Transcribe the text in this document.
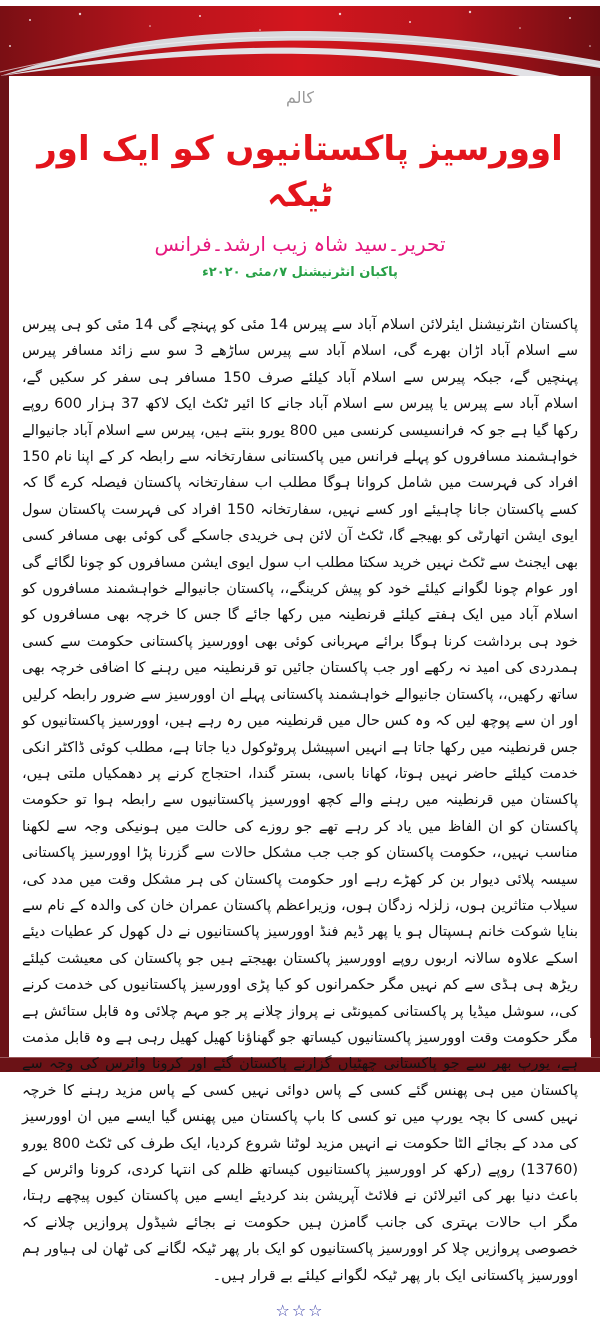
کالم
اوورسیز پاکستانیوں کو ایک اور ٹیکہ
تحریر۔سید شاہ زیب ارشد۔فرانس
پاکبان انٹرنیشنل ۷؍مئی ۲۰۲۰ء
پاکستان انٹرنیشنل ایئرلائن اسلام آباد سے پیرس 14 مئی کو پہنچے گی 14 مئی کو ہی پیرس سے اسلام آباد اڑان بھرے گی، اسلام آباد سے پیرس ساڑھے 3 سو سے زائد مسافر پیرس پہنچیں گے، جبکہ پیرس سے اسلام آباد کیلئے صرف 150 مسافر ہی سفر کر سکیں گے، اسلام آباد سے پیرس یا پیرس سے اسلام آباد جانے کا ائیر ٹکٹ ایک لاکھ 37 ہزار 600 روپے رکھا گیا ہے جو کہ فرانسیسی کرنسی میں 800 یورو بنتے ہیں، پیرس سے اسلام آباد جانیوالے خواہشمند مسافروں کو پہلے فرانس میں پاکستانی سفارتخانہ سے رابطہ کر کے اپنا نام 150 افراد کی فہرست میں شامل کروانا ہوگا مطلب اب سفارتخانہ پاکستان فیصلہ کرے گا کہ کسے پاکستان جانا چاہیئے اور کسے نہیں، سفارتخانہ 150 افراد کی فہرست پاکستان سول ایوی ایشن اتھارٹی کو بھیجے گا، ٹکٹ آن لائن ہی خریدی جاسکے گی کوئی بھی مسافر کسی بھی ایجنٹ سے ٹکٹ نہیں خرید سکتا مطلب اب سول ایوی ایشن مسافروں کو چونا لگائے گی اور عوام چونا لگوانے کیلئے خود کو پیش کرینگے،، پاکستان جانیوالے خواہشمند مسافروں کو اسلام آباد میں ایک ہفتے کیلئے قرنطینہ میں رکھا جائے گا جس کا خرچہ بھی مسافروں کو خود ہی برداشت کرنا ہوگا برائے مہربانی کوئی بھی اوورسیز پاکستانی حکومت سے کسی ہمدردی کی امید نہ رکھے اور جب پاکستان جائیں تو قرنطینہ میں رہنے کا اضافی خرچہ بھی ساتھ رکھیں،، پاکستان جانیوالے خواہشمند پاکستانی پہلے ان اوورسیز سے ضرور رابطہ کرلیں اور ان سے پوچھ لیں کہ وہ کس حال میں قرنطینہ میں رہ رہے ہیں، اوورسیز پاکستانیوں کو جس قرنطینہ میں رکھا جاتا ہے انہیں اسپیشل پروٹوکول دیا جاتا ہے، مطلب کوئی ڈاکٹر انکی خدمت کیلئے حاضر نہیں ہوتا، کھانا باسی، بستر گندا، احتجاج کرنے پر دھمکیاں ملتی ہیں، پاکستان میں قرنطینہ میں رہنے والے کچھ اوورسیز پاکستانیوں سے رابطہ ہوا تو حکومت پاکستان کو ان الفاظ میں یاد کر رہے تھے جو روزے کی حالت میں ہونیکی وجہ سے لکھنا مناسب نہیں،، حکومت پاکستان کو جب جب مشکل حالات سے گزرنا پڑا اوورسیز پاکستانی سیسہ پلائی دیوار بن کر کھڑے رہے اور حکومت پاکستان کی ہر مشکل وقت میں مدد کی، سیلاب متاثرین ہوں، زلزلہ زدگان ہوں، وزیراعظم پاکستان عمران خان کی والدہ کے نام سے بنایا شوکت خانم ہسپتال ہو یا پھر ڈیم فنڈ اوورسیز پاکستانیوں نے دل کھول کر عطیات دیئے اسکے علاوہ سالانہ اربوں روپے اوورسیز پاکستان بھیجتے ہیں جو پاکستان کی معیشت کیلئے ریڑھ ہی ہڈی سے کم نہیں مگر حکمرانوں کو کیا پڑی اوورسیز پاکستانیوں کی خدمت کرنے کی،، سوشل میڈیا پر پاکستانی کمیونٹی نے پرواز چلانے پر جو مہم چلائی وہ قابل ستائش ہے مگر حکومت وقت اوورسیز پاکستانیوں کیساتھ جو گھناؤنا کھیل کھیل رہی ہے وہ قابل مذمت ہے، یورپ بھر سے جو پاکستانی چھٹیاں گزارنے پاکستان گئے اور کرونا وائرس کی وجہ سے پاکستان میں ہی پھنس گئے کسی کے پاس دوائی نہیں کسی کے پاس مزید رہنے کا خرچہ نہیں کسی کا بچہ یورپ میں تو کسی کا باپ پاکستان میں پھنس گیا ایسے میں ان اوورسیز کی مدد کے بجائے الٹا حکومت نے انہیں مزید لوٹنا شروع کردیا، ایک طرف کی ٹکٹ 800 یورو (13760) روپے (رکھ کر اوورسیز پاکستانیوں کیساتھ ظلم کی انتہا کردی، کرونا وائرس کے باعث دنیا بھر کی ائیرلائن نے فلائٹ آپریشن بند کردیئے ایسے میں پاکستان کیوں پیچھے رہتا، مگر اب حالات بہتری کی جانب گامزن ہیں حکومت نے بجائے شیڈول پروازیں چلانے کہ خصوصی پروازیں چلا کر اوورسیز پاکستانیوں کو ایک بار پھر ٹیکہ لگانے کی ٹھان لی ہیاور ہم اوورسیز پاکستانی ایک بار پھر ٹیکہ لگوانے کیلئے بے قرار ہیں۔
☆☆☆
